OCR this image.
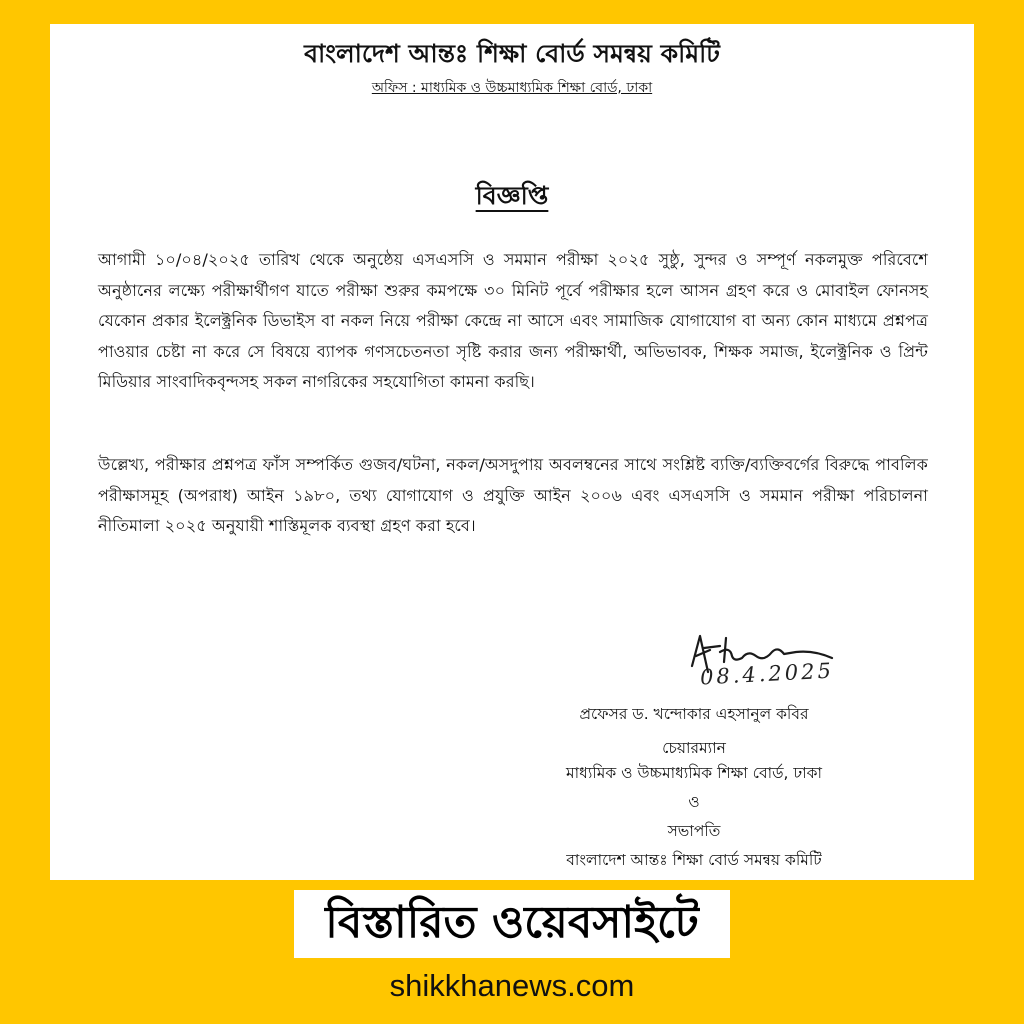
বাংলাদেশ আন্তঃ শিক্ষা বোর্ড সমন্বয় কমিটি
অফিস : মাধ্যমিক ও উচ্চমাধ্যমিক শিক্ষা বোর্ড, ঢাকা
বিজ্ঞপ্তি
আগামী ১০/০৪/২০২৫ তারিখ থেকে অনুষ্ঠেয় এসএসসি ও সমমান পরীক্ষা ২০২৫ সুষ্ঠু, সুন্দর ও সম্পূর্ণ নকলমুক্ত পরিবেশে অনুষ্ঠানের লক্ষ্যে পরীক্ষার্থীগণ যাতে পরীক্ষা শুরুর কমপক্ষে ৩০ মিনিট পূর্বে পরীক্ষার হলে আসন গ্রহণ করে ও মোবাইল ফোনসহ যেকোন প্রকার ইলেক্ট্রনিক ডিভাইস বা নকল নিয়ে পরীক্ষা কেন্দ্রে না আসে এবং সামাজিক যোগাযোগ বা অন্য কোন মাধ্যমে প্রশ্নপত্র পাওয়ার চেষ্টা না করে সে বিষয়ে ব্যাপক গণসচেতনতা সৃষ্টি করার জন্য পরীক্ষার্থী, অভিভাবক, শিক্ষক সমাজ, ইলেক্ট্রনিক ও প্রিন্ট মিডিয়ার সাংবাদিকবৃন্দসহ সকল নাগরিকের সহযোগিতা কামনা করছি।
উল্লেখ্য, পরীক্ষার প্রশ্নপত্র ফাঁস সম্পর্কিত গুজব/ঘটনা, নকল/অসদুপায় অবলম্বনের সাথে সংশ্লিষ্ট ব্যক্তি/ব্যক্তিবর্গের বিরুদ্ধে পাবলিক পরীক্ষাসমূহ (অপরাধ) আইন ১৯৮০, তথ্য যোগাযোগ ও প্রযুক্তি আইন ২০০৬ এবং এসএসসি ও সমমান পরীক্ষা পরিচালনা নীতিমালা ২০২৫ অনুযায়ী শাস্তিমূলক ব্যবস্থা গ্রহণ করা হবে।
08.4.2025
প্রফেসর ড. খন্দোকার এহসানুল কবির
চেয়ারম্যান
মাধ্যমিক ও উচ্চমাধ্যমিক শিক্ষা বোর্ড, ঢাকা
ও
সভাপতি
বাংলাদেশ আন্তঃ শিক্ষা বোর্ড সমন্বয় কমিটি
বিস্তারিত ওয়েবসাইটে
shikkhanews.com
